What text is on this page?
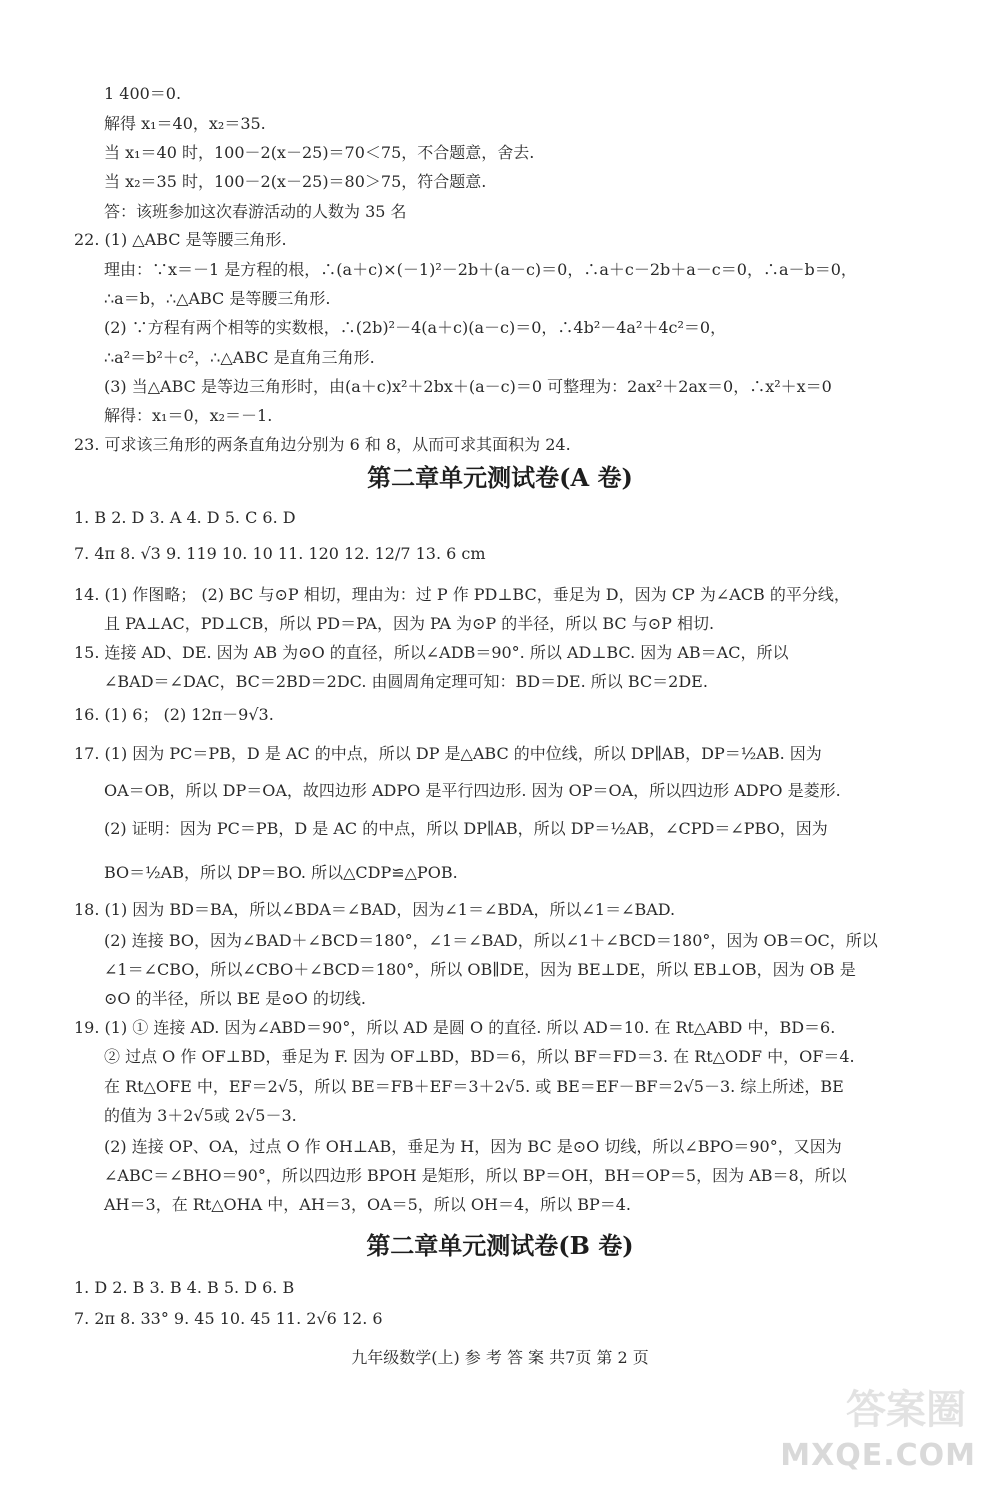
1 400＝0.
解得 x₁＝40，x₂＝35.
当 x₁＝40 时，100－2(x－25)＝70＜75，不合题意，舍去.
当 x₂＝35 时，100－2(x－25)＝80＞75，符合题意.
答：该班参加这次春游活动的人数为 35 名
22. (1) △ABC 是等腰三角形.
理由：∵x＝－1 是方程的根，∴(a＋c)×(－1)²－2b＋(a－c)＝0，∴a＋c－2b＋a－c＝0，∴a－b＝0，
∴a＝b，∴△ABC 是等腰三角形.
(2) ∵方程有两个相等的实数根，∴(2b)²－4(a＋c)(a－c)＝0，∴4b²－4a²＋4c²＝0，
∴a²＝b²＋c²，∴△ABC 是直角三角形.
(3) 当△ABC 是等边三角形时，由(a＋c)x²＋2bx＋(a－c)＝0 可整理为：2ax²＋2ax＝0，∴x²＋x＝0
解得：x₁＝0，x₂＝－1.
23. 可求该三角形的两条直角边分别为 6 和 8，从而可求其面积为 24.
第二章单元测试卷(A 卷)
1. B 2. D 3. A 4. D 5. C 6. D
7. 4π 8. √3 9. 119 10. 10 11. 120 12. 12/7 13. 6 cm
14. (1) 作图略； (2) BC 与⊙P 相切，理由为：过 P 作 PD⊥BC，垂足为 D，因为 CP 为∠ACB 的平分线，
且 PA⊥AC，PD⊥CB，所以 PD＝PA，因为 PA 为⊙P 的半径，所以 BC 与⊙P 相切.
15. 连接 AD、DE. 因为 AB 为⊙O 的直径，所以∠ADB＝90°. 所以 AD⊥BC. 因为 AB＝AC，所以
∠BAD＝∠DAC，BC＝2BD＝2DC. 由圆周角定理可知：BD＝DE. 所以 BC＝2DE.
16. (1) 6； (2) 12π－9√3.
17. (1) 因为 PC＝PB，D 是 AC 的中点，所以 DP 是△ABC 的中位线，所以 DP∥AB，DP＝½AB. 因为
OA＝OB，所以 DP＝OA，故四边形 ADPO 是平行四边形. 因为 OP＝OA，所以四边形 ADPO 是菱形.
(2) 证明：因为 PC＝PB，D 是 AC 的中点，所以 DP∥AB，所以 DP＝½AB，∠CPD＝∠PBO，因为
BO＝½AB，所以 DP＝BO. 所以△CDP≌△POB.
18. (1) 因为 BD＝BA，所以∠BDA＝∠BAD，因为∠1＝∠BDA，所以∠1＝∠BAD.
(2) 连接 BO，因为∠BAD＋∠BCD＝180°，∠1＝∠BAD，所以∠1＋∠BCD＝180°，因为 OB＝OC，所以
∠1＝∠CBO，所以∠CBO＋∠BCD＝180°，所以 OB∥DE，因为 BE⊥DE，所以 EB⊥OB，因为 OB 是
⊙O 的半径，所以 BE 是⊙O 的切线.
19. (1) ① 连接 AD. 因为∠ABD＝90°，所以 AD 是圆 O 的直径. 所以 AD＝10. 在 Rt△ABD 中，BD＝6.
② 过点 O 作 OF⊥BD，垂足为 F. 因为 OF⊥BD，BD＝6，所以 BF＝FD＝3. 在 Rt△ODF 中，OF＝4.
在 Rt△OFE 中，EF＝2√5，所以 BE＝FB＋EF＝3＋2√5. 或 BE＝EF－BF＝2√5－3. 综上所述，BE
的值为 3＋2√5或 2√5－3.
(2) 连接 OP、OA，过点 O 作 OH⊥AB，垂足为 H，因为 BC 是⊙O 切线，所以∠BPO＝90°，又因为
∠ABC＝∠BHO＝90°，所以四边形 BPOH 是矩形，所以 BP＝OH，BH＝OP＝5，因为 AB＝8，所以
AH＝3，在 Rt△OHA 中，AH＝3，OA＝5，所以 OH＝4，所以 BP＝4.
第二章单元测试卷(B 卷)
1. D 2. B 3. B 4. B 5. D 6. B
7. 2π 8. 33° 9. 45 10. 45 11. 2√6 12. 6
九年级数学(上) 参 考 答 案 共7页 第 2 页
答案圈
MXQE.COM
